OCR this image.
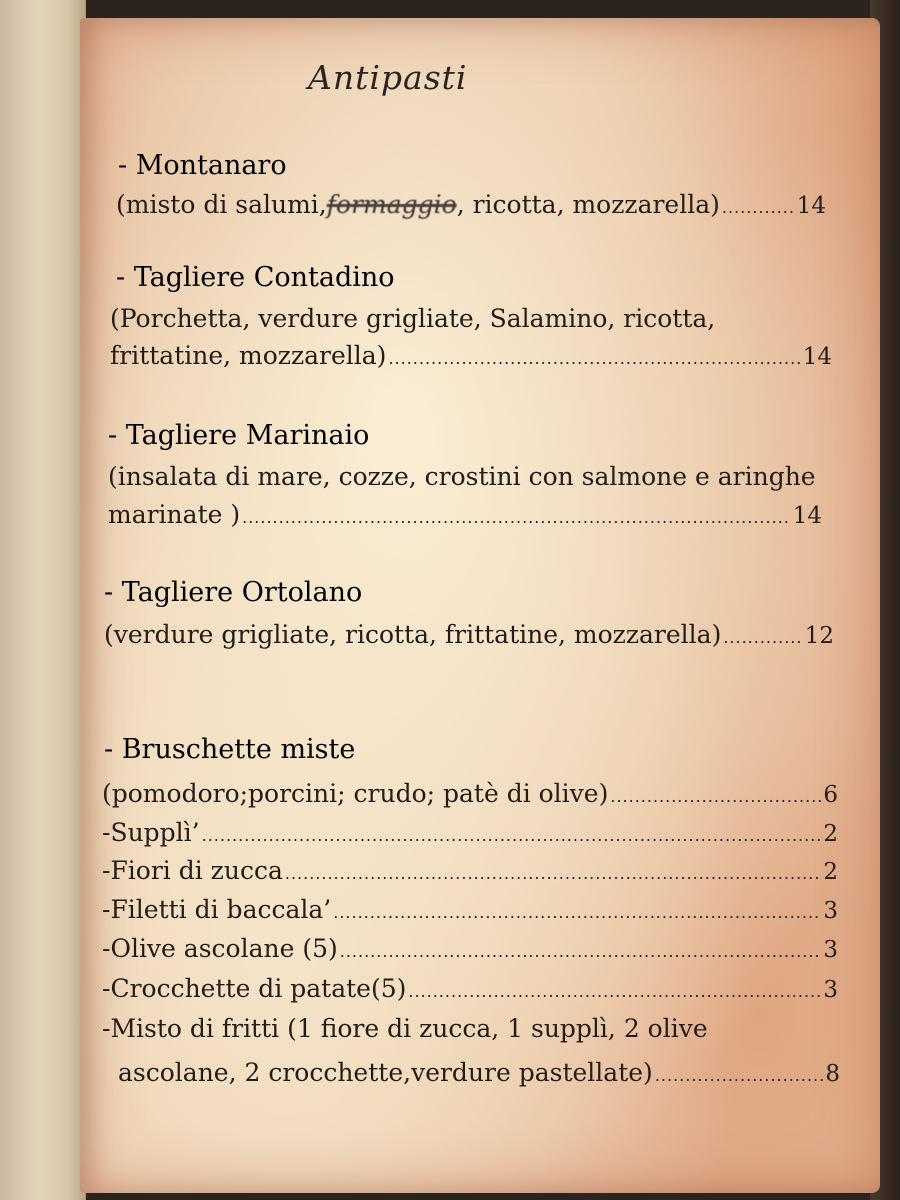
Antipasti
- Montanaro
(misto di salumi, formaggio , ricotta, mozzarella) .....	14
- Tagliere Contadino
(Porchetta, verdure grigliate, Salamino, ricotta,
frittatine, mozzarella) .....	14
- Tagliere Marinaio
(insalata di mare, cozze, crostini con salmone e aringhe
marinate ) .....	14
- Tagliere Ortolano
(verdure grigliate, ricotta, frittatine, mozzarella) .....	12
- Bruschette miste
(pomodoro;porcini; crudo; patè di olive) .....	6
-Supplì’ .....	2
-Fiori di zucca .....	2
-Filetti di baccala’ .....	3
-Olive ascolane (5) .....	3
-Crocchette di patate(5) .....	3
-Misto di fritti (1 fiore di zucca, 1 supplì, 2 olive
ascolane, 2 crocchette,verdure pastellate) .....	8
